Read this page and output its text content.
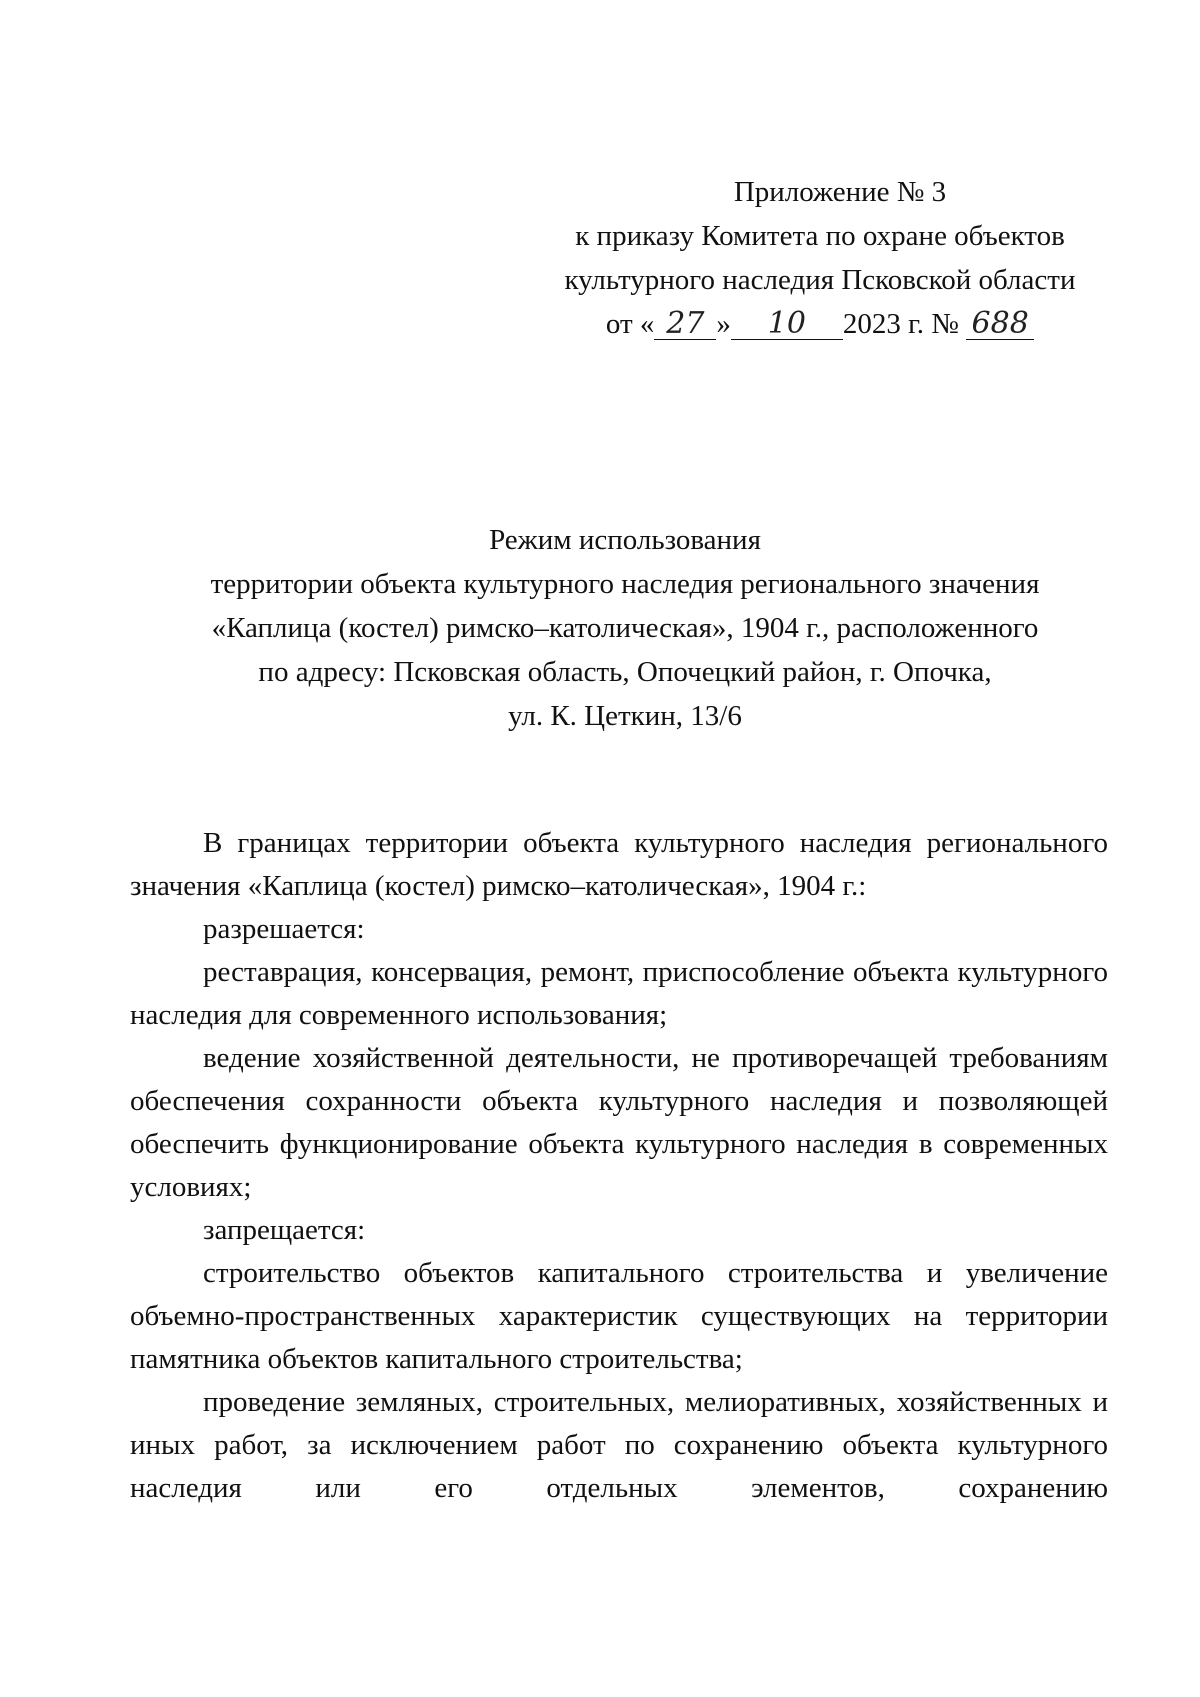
Приложение № 3
к приказу Комитета по охране объектов
культурного наследия Псковской области
от « 27 » 10 2023 г. № 688
Режим использования
территории объекта культурного наследия регионального значения
«Каплица (костел) римско–католическая», 1904 г., расположенного
по адресу: Псковская область, Опочецкий район, г. Опочка,
ул. К. Цеткин, 13/6

В границах территории объекта культурного наследия регионального значения «Каплица (костел) римско–католическая», 1904 г.:

разрешается:

реставрация, консервация, ремонт, приспособление объекта культурного наследия для современного использования;

ведение хозяйственной деятельности, не противоречащей требованиям обеспечения сохранности объекта культурного наследия и позволяющей обеспечить функционирование объекта культурного наследия в современных условиях;

запрещается:

строительство объектов капитального строительства и увеличение объемно-пространственных характеристик существующих на территории памятника объектов капитального строительства;

проведение земляных, строительных, мелиоративных, хозяйственных и иных работ, за исключением работ по сохранению объекта культурного наследия или его отдельных элементов, сохранению
